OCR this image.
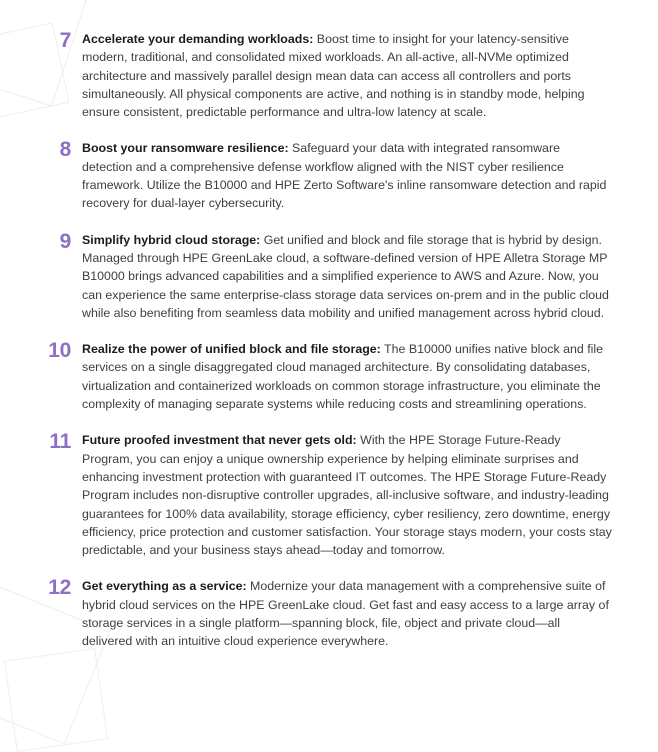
7 Accelerate your demanding workloads: Boost time to insight for your latency-sensitive modern, traditional, and consolidated mixed workloads. An all-active, all-NVMe optimized architecture and massively parallel design mean data can access all controllers and ports simultaneously. All physical components are active, and nothing is in standby mode, helping ensure consistent, predictable performance and ultra-low latency at scale.
8 Boost your ransomware resilience: Safeguard your data with integrated ransomware detection and a comprehensive defense workflow aligned with the NIST cyber resilience framework. Utilize the B10000 and HPE Zerto Software's inline ransomware detection and rapid recovery for dual-layer cybersecurity.
9 Simplify hybrid cloud storage: Get unified and block and file storage that is hybrid by design. Managed through HPE GreenLake cloud, a software-defined version of HPE Alletra Storage MP B10000 brings advanced capabilities and a simplified experience to AWS and Azure. Now, you can experience the same enterprise-class storage data services on-prem and in the public cloud while also benefiting from seamless data mobility and unified management across hybrid cloud.
10 Realize the power of unified block and file storage: The B10000 unifies native block and file services on a single disaggregated cloud managed architecture. By consolidating databases, virtualization and containerized workloads on common storage infrastructure, you eliminate the complexity of managing separate systems while reducing costs and streamlining operations.
11 Future proofed investment that never gets old: With the HPE Storage Future-Ready Program, you can enjoy a unique ownership experience by helping eliminate surprises and enhancing investment protection with guaranteed IT outcomes. The HPE Storage Future-Ready Program includes non-disruptive controller upgrades, all-inclusive software, and industry-leading guarantees for 100% data availability, storage efficiency, cyber resiliency, zero downtime, energy efficiency, price protection and customer satisfaction. Your storage stays modern, your costs stay predictable, and your business stays ahead—today and tomorrow.
12 Get everything as a service: Modernize your data management with a comprehensive suite of hybrid cloud services on the HPE GreenLake cloud. Get fast and easy access to a large array of storage services in a single platform—spanning block, file, object and private cloud—all delivered with an intuitive cloud experience everywhere.
